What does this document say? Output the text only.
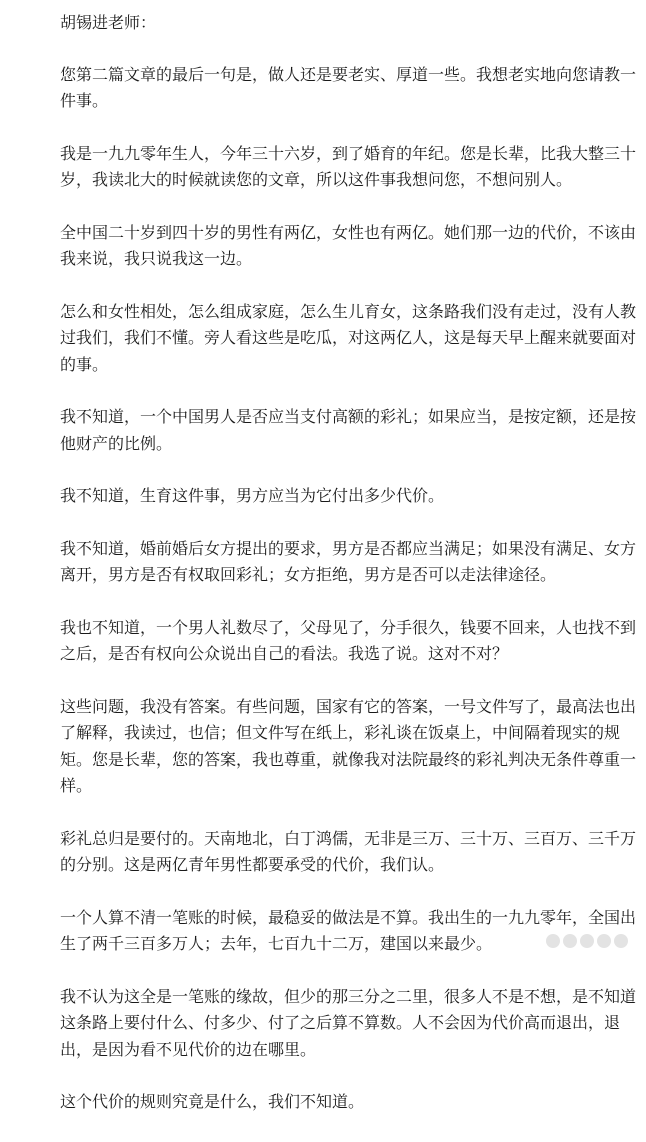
胡锡进老师：

您第二篇文章的最后一句是，做人还是要老实、厚道一些。我想老实地向您请教一件事。

我是一九九零年生人，今年三十六岁，到了婚育的年纪。您是长辈，比我大整三十岁，我读北大的时候就读您的文章，所以这件事我想问您，不想问别人。

全中国二十岁到四十岁的男性有两亿，女性也有两亿。她们那一边的代价，不该由我来说，我只说我这一边。

怎么和女性相处，怎么组成家庭，怎么生儿育女，这条路我们没有走过，没有人教过我们，我们不懂。旁人看这些是吃瓜，对这两亿人，这是每天早上醒来就要面对的事。

我不知道，一个中国男人是否应当支付高额的彩礼；如果应当，是按定额，还是按他财产的比例。

我不知道，生育这件事，男方应当为它付出多少代价。

我不知道，婚前婚后女方提出的要求，男方是否都应当满足；如果没有满足、女方离开，男方是否有权取回彩礼；女方拒绝，男方是否可以走法律途径。

我也不知道，一个男人礼数尽了，父母见了，分手很久，钱要不回来，人也找不到之后，是否有权向公众说出自己的看法。我选了说。这对不对？

这些问题，我没有答案。有些问题，国家有它的答案，一号文件写了，最高法也出了解释，我读过，也信；但文件写在纸上，彩礼谈在饭桌上，中间隔着现实的规矩。您是长辈，您的答案，我也尊重，就像我对法院最终的彩礼判决无条件尊重一样。

彩礼总归是要付的。天南地北，白丁鸿儒，无非是三万、三十万、三百万、三千万的分别。这是两亿青年男性都要承受的代价，我们认。

一个人算不清一笔账的时候，最稳妥的做法是不算。我出生的一九九零年，全国出生了两千三百多万人；去年，七百九十二万，建国以来最少。

我不认为这全是一笔账的缘故，但少的那三分之二里，很多人不是不想，是不知道这条路上要付什么、付多少、付了之后算不算数。人不会因为代价高而退出，退出，是因为看不见代价的边在哪里。

这个代价的规则究竟是什么，我们不知道。
